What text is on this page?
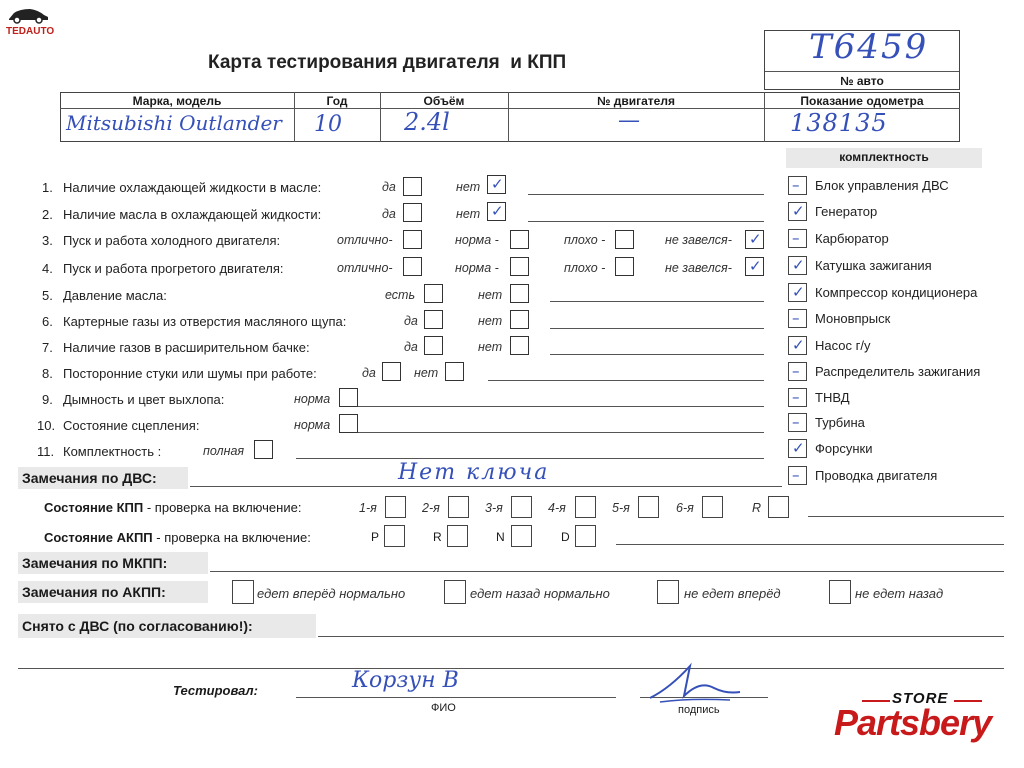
TEDAUTO
Карта тестирования двигателя  и КПП	T6459
№ авто
Марка, модель	Год	Объём	№ двигателя	Показание одометра
Mitsubishi Outlander 10	2.4l	—	138135
комплектность
– Блок управления ДВС
✓ Генератор
– Карбюратор
✓ Катушка зажигания
✓ Компрессор кондиционера
– Моновпрыск
✓ Насос г/у
– Распределитель зажигания
– ТНВД
– Турбина
✓ Форсунки
– Проводка двигателя
1. Наличие охлаждающей жидкости в масле:	да	нет ✓
2. Наличие масла в охлаждающей жидкости:	да	нет ✓
3. Пуск и работа холодного двигателя:	отлично-	норма -	плохо -	не завелся- ✓
4. Пуск и работа прогретого двигателя:	отлично-	норма -	плохо -	не завелся- ✓
5. Давление масла:	есть	нет
6. Картерные газы из отверстия масляного щупа:	да	нет
7. Наличие газов в расширительном бачке:	да	нет
8. Посторонние стуки или шумы при работе:	да	нет
9. Дымность и цвет выхлопа:	норма
10. Состояние сцепления:	норма
11. Комплектность :	полная
Замечания по ДВС:	Нет ключа
Состояние КПП - проверка на включение:	1-я	2-я	3-я	4-я	5-я	6-я	R
Состояние АКПП - проверка на включение:	P	R	N	D
Замечания по МКПП:
Замечания по АКПП:	едет вперёд нормально	едет назад нормально	не едет вперёд	не едет назад
Снято с ДВС (по согласованию!):
Тестировал:	Корзун В
ФИО	подпись
STORE
Partsbery
